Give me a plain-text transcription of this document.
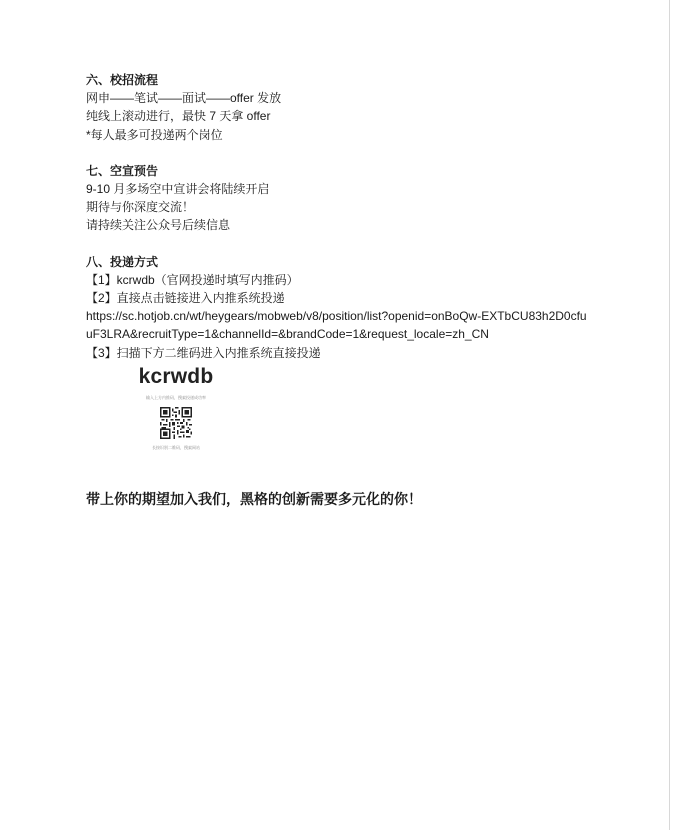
六、校招流程
网申——笔试——面试——offer 发放
纯线上滚动进行，最快 7 天拿 offer
*每人最多可投递两个岗位
七、空宣预告
9-10 月多场空中宣讲会将陆续开启
期待与你深度交流！
请持续关注公众号后续信息
八、投递方式
【1】kcrwdb（官网投递时填写内推码）
【2】直接点击链接进入内推系统投递
https://sc.hotjob.cn/wt/heygears/mobweb/v8/position/list?openid=onBoQw-EXTbCU83h2D0cfu
uF3LRA&recruitType=1&channelId=&brandCode=1&request_locale=zh_CN
【3】扫描下方二维码进入内推系统直接投递
kcrwdb
输入上方内推码，搜索投递成功率
长按识别二维码，搜索网站
带上你的期望加入我们，黑格的创新需要多元化的你！
